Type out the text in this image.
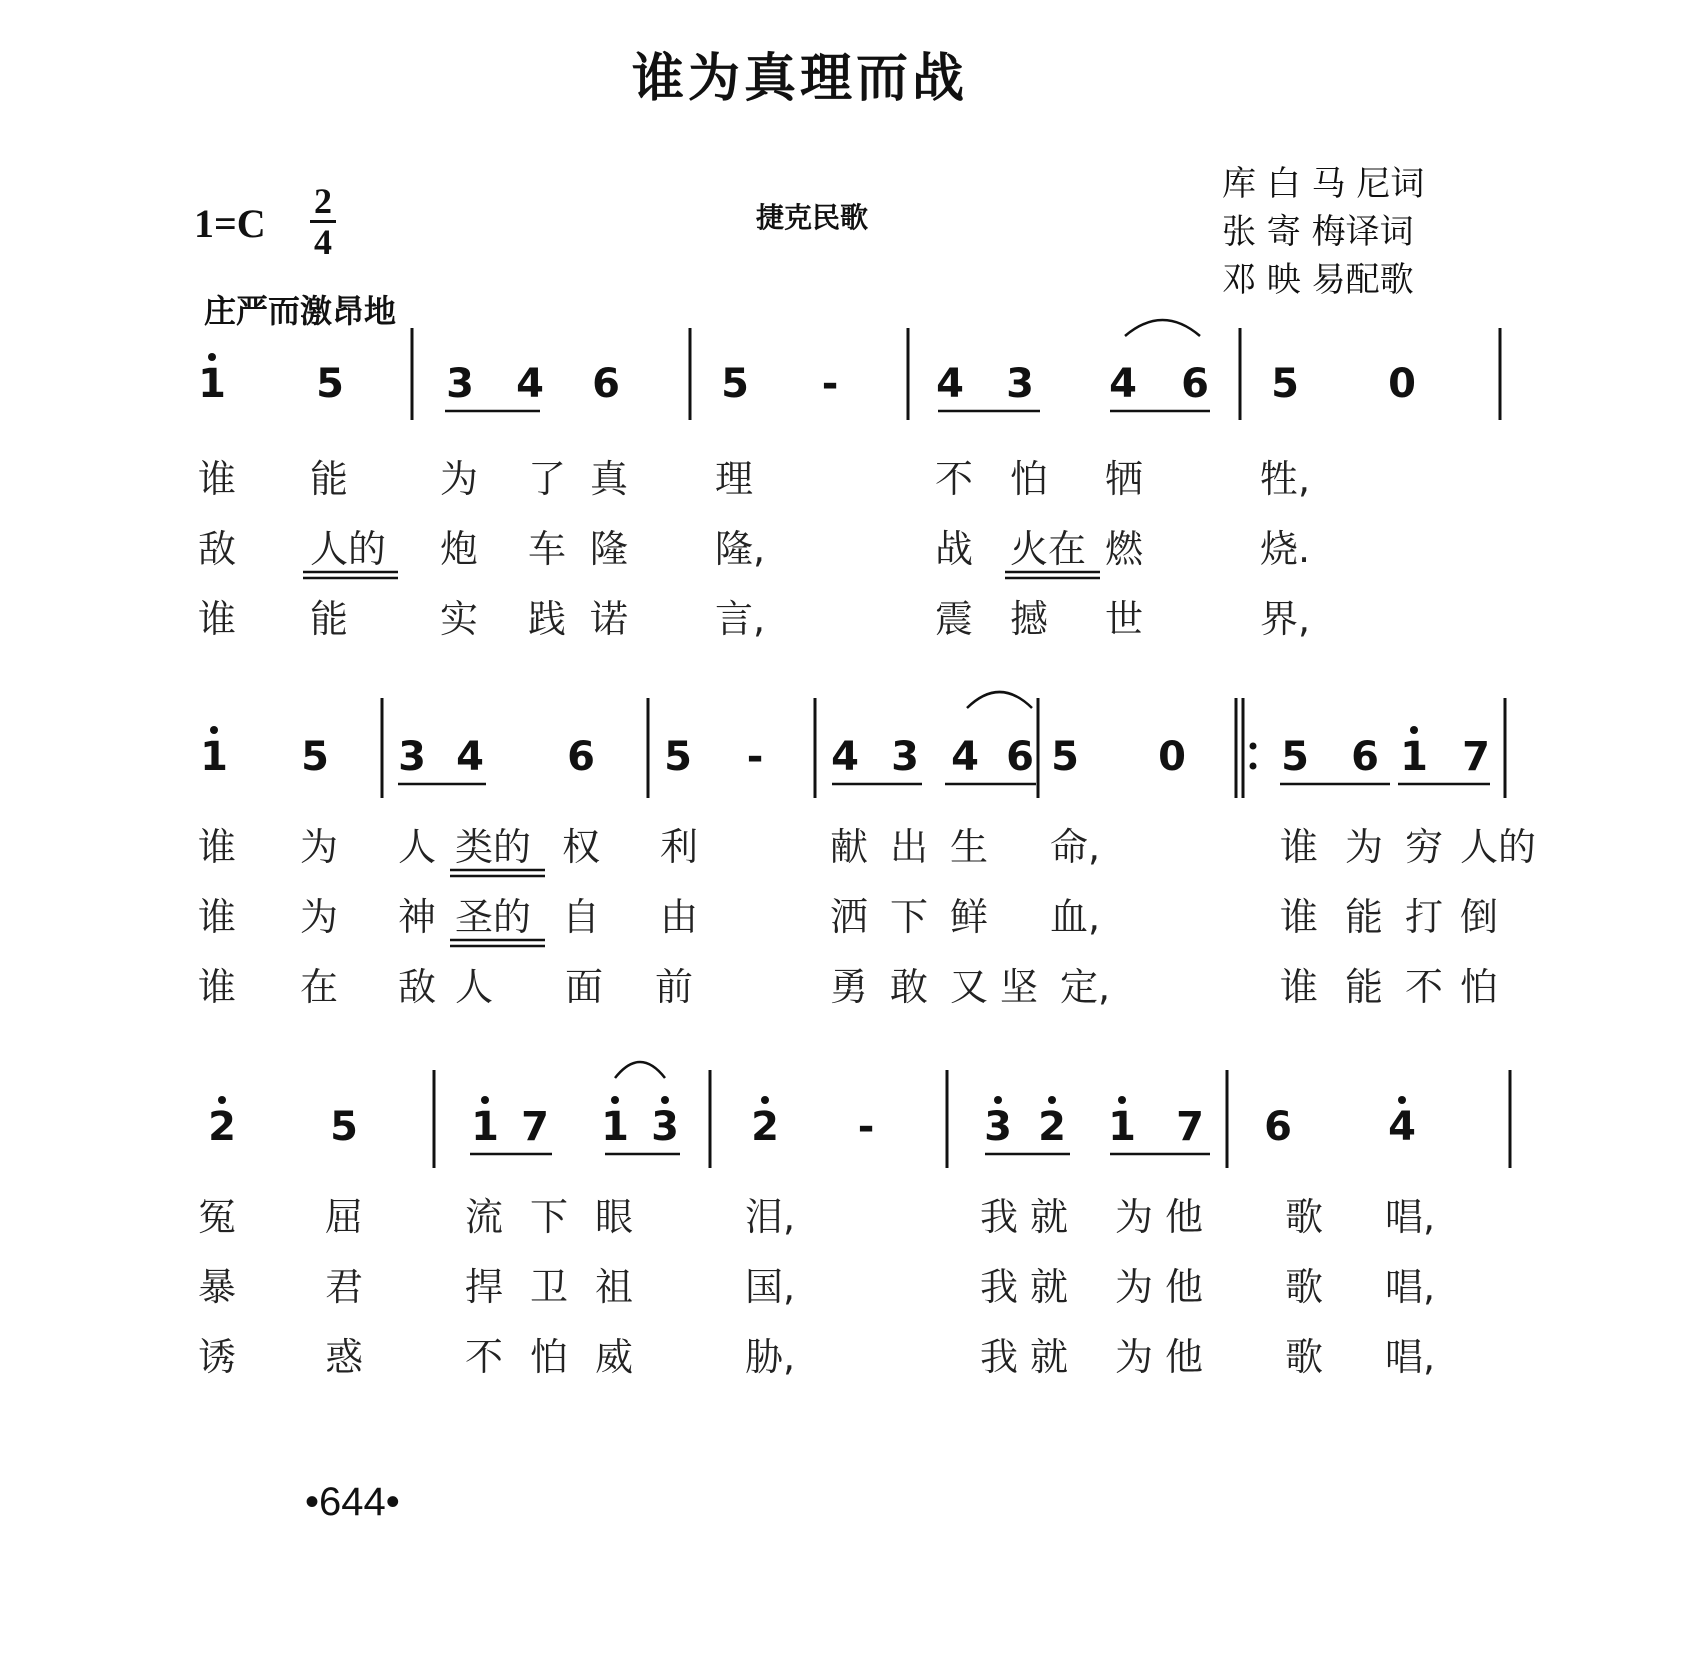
谁为真理而战
1=C 2
4
捷克民歌
库 白 马 尼词
张 寄 梅译词
邓 映 易配歌
庄严而激昂地
1 5	3 4 6	5 - 4 3 4 6 5 0
谁 能 为 了 真 理	不 怕 牺	牲,
敌 人的 炮 车 隆 隆,	战 火在 燃	烧.
谁 能 实 践 诺 言,	震 撼 世	界,
1 5 3 4 6 5 - 4 3 4 6 5 0 5 6 1 7
谁 为 人 类的 权 利	献 出 生 命,	谁 为 穷 人的
谁 为 神 圣的 自 由	洒 下 鲜 血,	谁 能 打 倒
谁 在 敌 人 面 前	勇 敢 又 坚 定,	谁 能 不 怕
2 5	1 7 1 3 2 -	3 2 1 7 6 4
冤 屈	流 下 眼	泪,	我 就 为 他 歌 唱,
暴 君	捍 卫 祖	国,	我 就 为 他 歌 唱,
诱 惑	不 怕 威	胁,	我 就 为 他 歌 唱,
•644•
